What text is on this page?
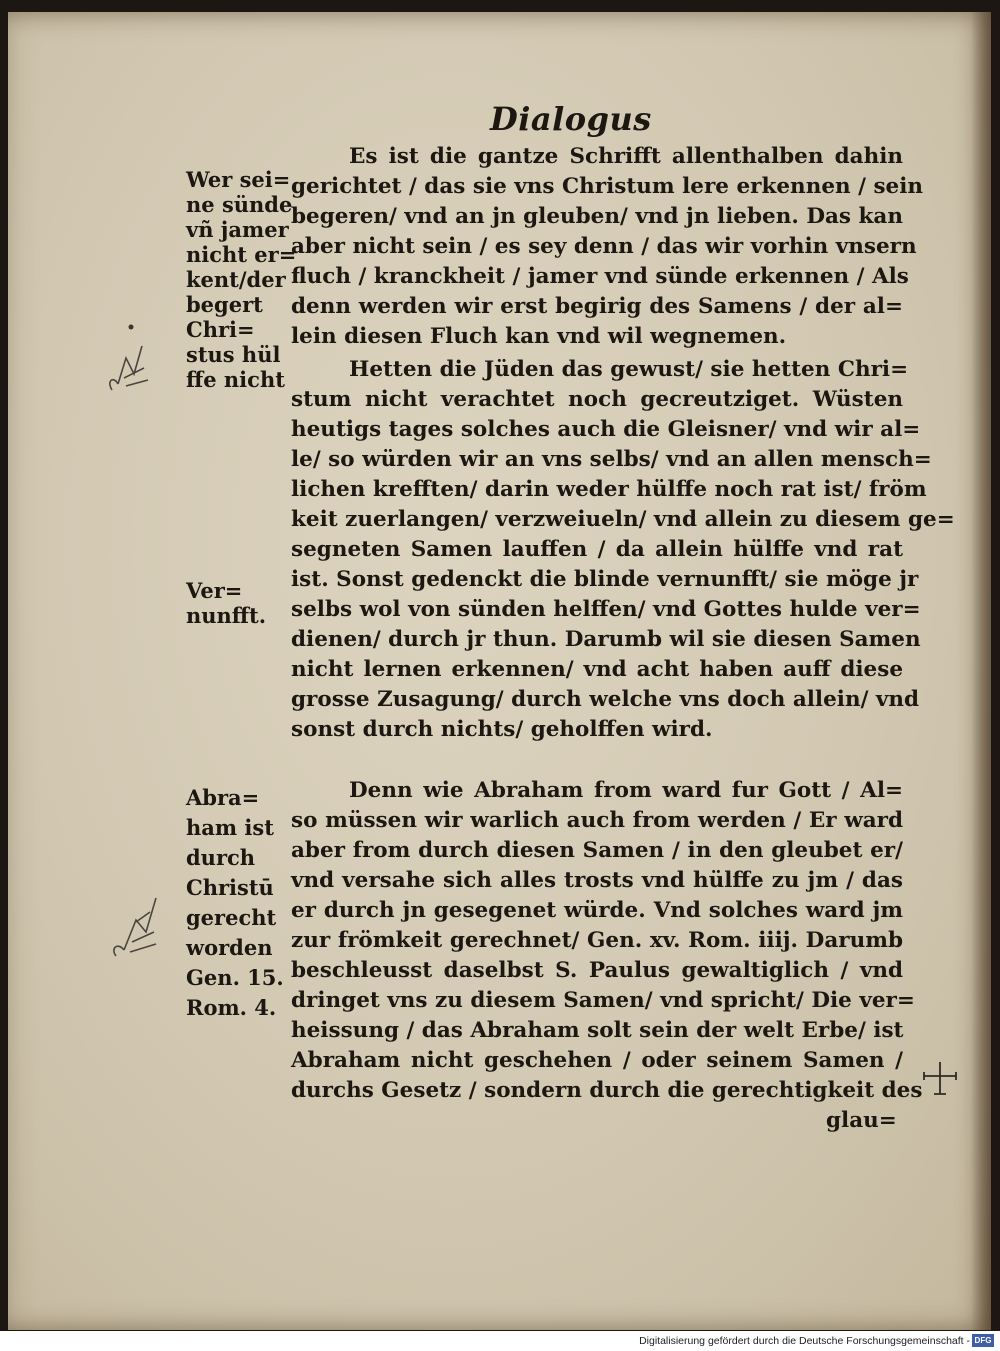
Dialogus
Wer sei=
ne sünde
vñ jamer
nicht er=
kent/der
begert
Chri=
stus hül
ffe nicht
Ver=
nunfft.
Abra=
ham ist
durch
Christū
gerecht
worden
Gen. 15.
Rom. 4.
Es ist die gantze Schrifft allenthalben dahin
gerichtet / das sie vns Christum lere erkennen / sein
begeren/ vnd an jn gleuben/ vnd jn lieben. Das kan
aber nicht sein / es sey denn / das wir vorhin vnsern
fluch / kranckheit / jamer vnd sünde erkennen / Als
denn werden wir erst begirig des Samens / der al=
lein diesen Fluch kan vnd wil wegnemen.
Hetten die Jüden das gewust/ sie hetten Chri=
stum nicht verachtet noch gecreutziget. Wüsten
heutigs tages solches auch die Gleisner/ vnd wir al=
le/ so würden wir an vns selbs/ vnd an allen mensch=
lichen krefften/ darin weder hülffe noch rat ist/ fröm
keit zuerlangen/ verzweiueln/ vnd allein zu diesem ge=
segneten Samen lauffen / da allein hülffe vnd rat
ist. Sonst gedenckt die blinde vernunfft/ sie möge jr
selbs wol von sünden helffen/ vnd Gottes hulde ver=
dienen/ durch jr thun. Darumb wil sie diesen Samen
nicht lernen erkennen/ vnd acht haben auff diese
grosse Zusagung/ durch welche vns doch allein/ vnd
sonst durch nichts/ geholffen wird.
Denn wie Abraham from ward fur Gott / Al=
so müssen wir warlich auch from werden / Er ward
aber from durch diesen Samen / in den gleubet er/
vnd versahe sich alles trosts vnd hülffe zu jm / das
er durch jn gesegenet würde. Vnd solches ward jm
zur frömkeit gerechnet/ Gen. xv. Rom. iiij. Darumb
beschleusst daselbst S. Paulus gewaltiglich / vnd
dringet vns zu diesem Samen/ vnd spricht/ Die ver=
heissung / das Abraham solt sein der welt Erbe/ ist
Abraham nicht geschehen / oder seinem Samen /
durchs Gesetz / sondern durch die gerechtigkeit des
glau=
Digitalisierung gefördert durch die Deutsche Forschungsgemeinschaft - DFG
